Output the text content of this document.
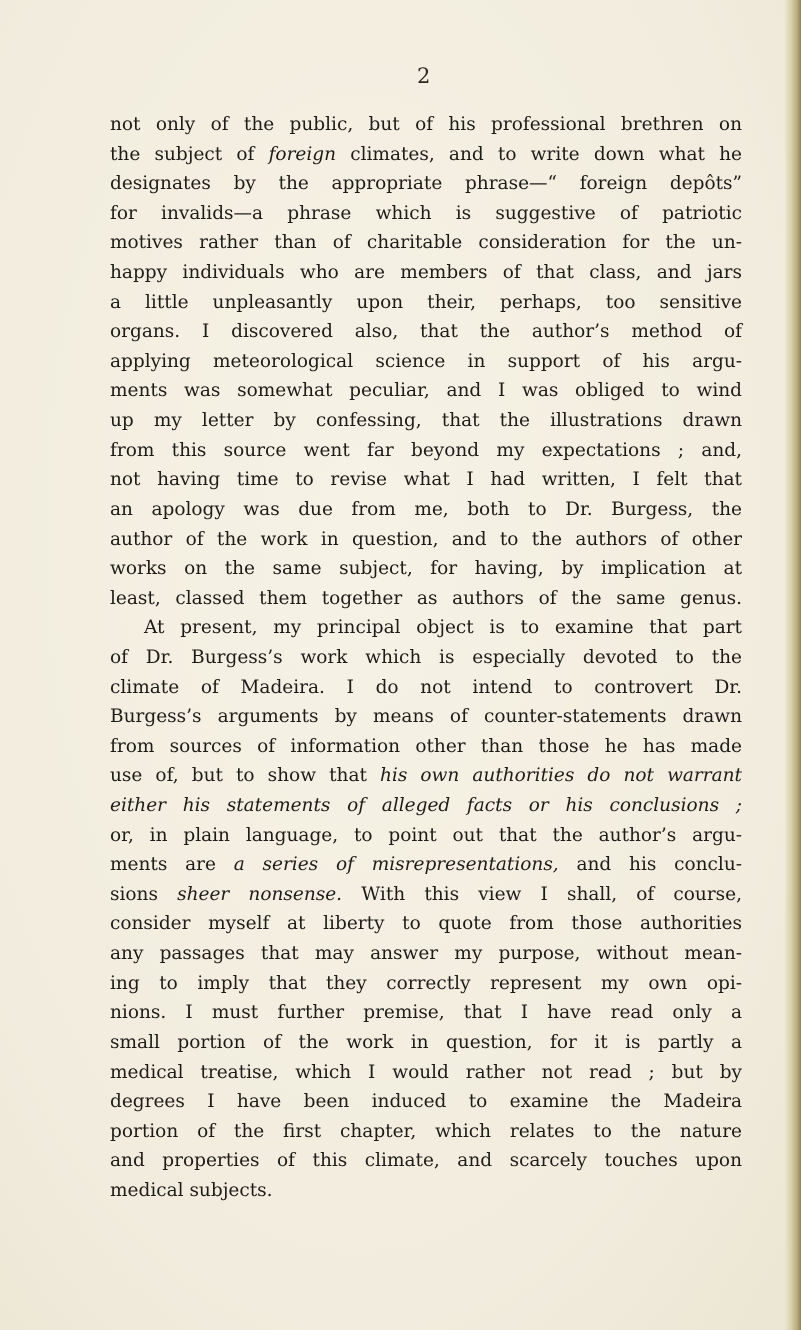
2
not only of the public, but of his professional brethren on
the subject of foreign climates, and to write down what he
designates by the appropriate phrase—“ foreign depôts”
for invalids—a phrase which is suggestive of patriotic
motives rather than of charitable consideration for the un-
happy individuals who are members of that class, and jars
a little unpleasantly upon their, perhaps, too sensitive
organs. I discovered also, that the author’s method of
applying meteorological science in support of his argu-
ments was somewhat peculiar, and I was obliged to wind
up my letter by confessing, that the illustrations drawn
from this source went far beyond my expectations ; and,
not having time to revise what I had written, I felt that
an apology was due from me, both to Dr. Burgess, the
author of the work in question, and to the authors of other
works on the same subject, for having, by implication at
least, classed them together as authors of the same genus.
At present, my principal object is to examine that part
of Dr. Burgess’s work which is especially devoted to the
climate of Madeira. I do not intend to controvert Dr.
Burgess’s arguments by means of counter-statements drawn
from sources of information other than those he has made
use of, but to show that his own authorities do not warrant
either his statements of alleged facts or his conclusions ;
or, in plain language, to point out that the author’s argu-
ments are a series of misrepresentations, and his conclu-
sions sheer nonsense. With this view I shall, of course,
consider myself at liberty to quote from those authorities
any passages that may answer my purpose, without mean-
ing to imply that they correctly represent my own opi-
nions. I must further premise, that I have read only a
small portion of the work in question, for it is partly a
medical treatise, which I would rather not read ; but by
degrees I have been induced to examine the Madeira
portion of the first chapter, which relates to the nature
and properties of this climate, and scarcely touches upon
medical subjects.
